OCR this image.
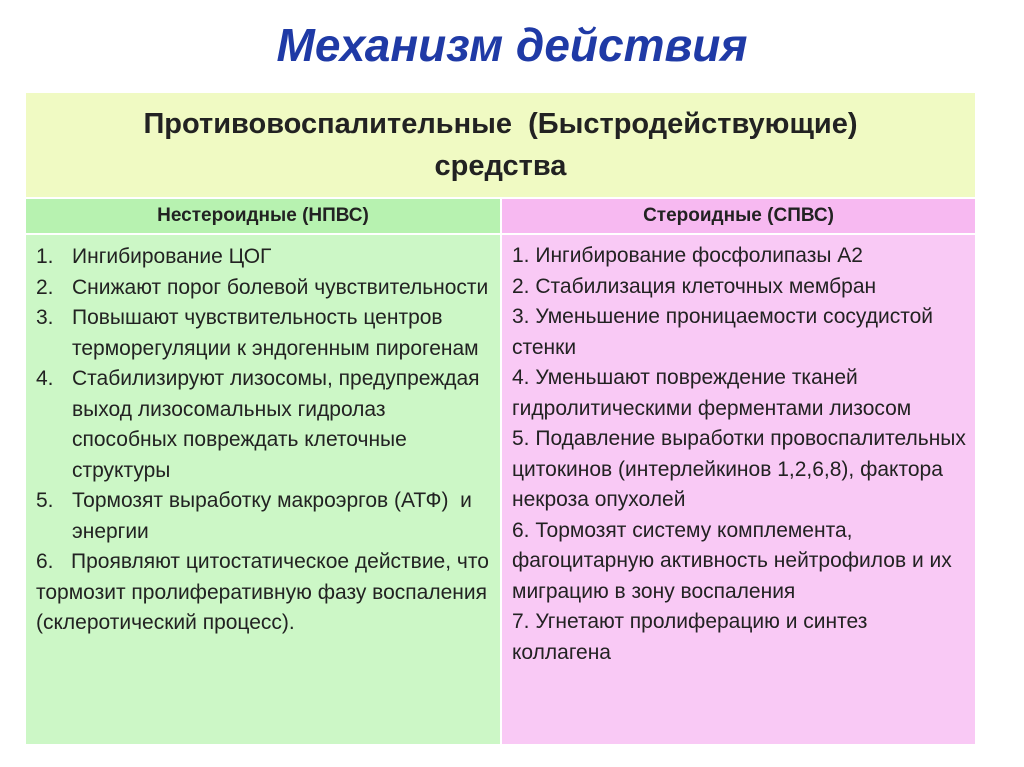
Механизм действия
Противовоспалительные  (Быстродействующие)
средства
Нестероидные (НПВС)	Стероидные (СПВС)
1. Ингибирование ЦОГ
2. Снижают порог болевой чувствительности
3. Повышают чувствительность центров терморегуляции к эндогенным пирогенам
4. Стабилизируют лизосомы, предупреждая выход лизосомальных гидролаз способных повреждать клеточные структуры
5. Тормозят выработку макроэргов (АТФ)  и энергии
6.   Проявляют цитостатическое действие, что тормозит пролиферативную фазу воспаления (склеротический процесс).
1. Ингибирование фосфолипазы А2
2. Стабилизация клеточных мембран
3. Уменьшение проницаемости сосудистой стенки
4. Уменьшают повреждение тканей гидролитическими ферментами лизосом
5. Подавление выработки провоспалительных цитокинов (интерлейкинов 1,2,6,8), фактора некроза опухолей
6. Тормозят систему комплемента, фагоцитарную активность нейтрофилов и их миграцию в зону воспаления
7. Угнетают пролиферацию и синтез коллагена
